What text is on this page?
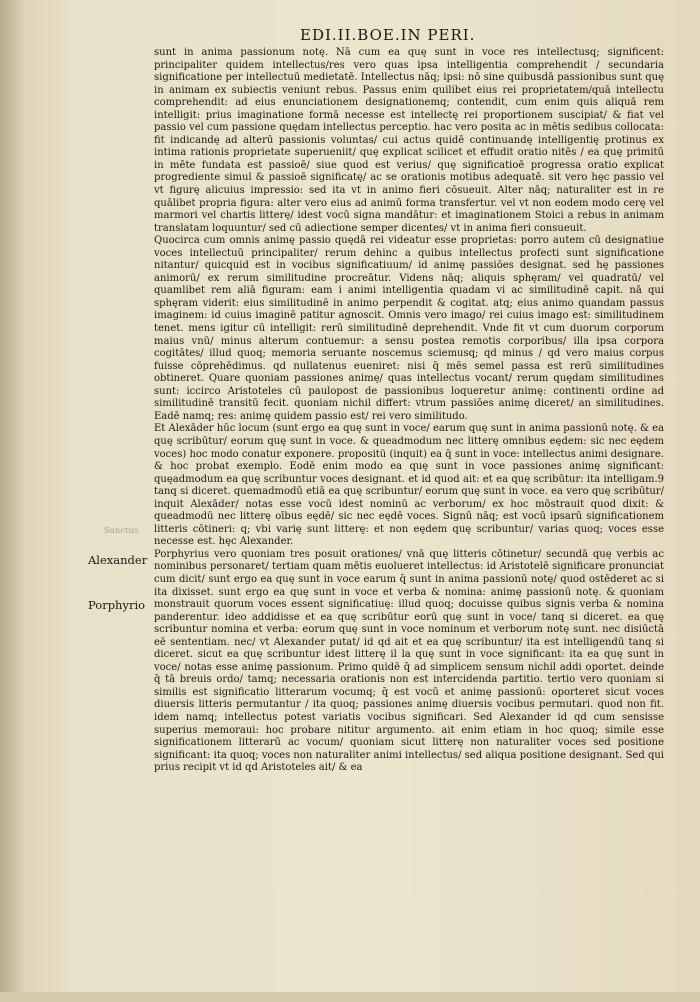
EDI.II.BOE.IN PERI.
Sanctus
Alexander
Porphyrio

sunt in anima passionum notę. Nā cum ea quę sunt in voce res intellectusq; significent: principaliter quidem intellectus/res vero quas ipsa intelligentia comprehendit / secundaria significatione per intellectuū medietatē. Intellectus nāq; ipsi: nō sine quibusdā passionibus sunt quę in animam ex subiectis veniunt rebus. Passus enim quilibet eius rei proprietatem/quā intellectu comprehendit: ad eius enunciationem designationemq; contendit, cum enim quis aliquā rem intelligit: prius imaginatione formā necesse est intellectę rei proportionem suscipiat/ & fiat vel passio vel cum passione quędam intellectus perceptio. hac vero posita ac in mētis sedibus collocata: fit indicandę ad alterū passionis voluntas/ cui actus quidē continuandę intelligentię protinus ex intima rationis proprietate superueniit/ quę explicat scilicet et effudit oratio nitēs / ea quę primitū in mēte fundata est passioē/ siue quod est verius/ quę significatioē progressa oratio explicat progrediente simul & passioē significatę/ ac se orationis motibus adequatē. sit vero hęc passio vel vt figurę alicuius impressio: sed ita vt in animo fieri cōsueuit. Alter nāq; naturaliter est in re quālibet propria figura: alter vero eius ad animū forma transfertur. vel vt non eodem modo cerę vel marmori vel chartis litterę/ idest vocū signa mandātur: et imaginationem Stoici a rebus in animam translatam loquuntur/ sed cū adiectione semper dicentes/ vt in anima fieri consueuit.

Quocirca cum omnis animę passio quędā rei videatur esse proprietas: porro autem cū designatiue voces intellectuū principaliter/ rerum dehinc a quibus intellectus profecti sunt significatione nitantur/ quicquid est in vocibus significatiuum/ id animę passiōes designat. sed hę passiones animorū/ ex rerum similitudine procreātur. Videns nāq; aliquis sphęram/ vel quadratū/ vel quamlibet rem aliā figuram: eam i animi intelligentia quadam vi ac similitudinē capit. nā qui sphęram viderit: eius similitudinē in animo perpendit & cogitat. atq; eius animo quandam passus imaginem: id cuius imaginē patitur agnoscit. Omnis vero imago/ rei cuius imago est: similitudinem tenet. mens igitur cū intelligit: rerū similitudinē deprehendit. Vnde fit vt cum duorum corporum maius vnū/ minus alterum contuemur: a sensu postea remotis corporibus/ illa ipsa corpora cogitātes/ illud quoq; memoria seruante noscemus sciemusq; qd minus / qd vero maius corpus fuisse cōprehēdimus. qd nullatenus eueniret: nisi q̄ mēs semel passa est rerū similitudines obtineret. Quare quoniam passiones animę/ quas intellectus vocant/ rerum quędam similitudines sunt: iccirco Aristoteles cū paulopost de passionibus loqueretur animę: continenti ordine ad similitudinē transitū fecit. quoniam nichil differt: vtrum passiōes animę diceret/ an similitudines. Eadē namq; res: animę quidem passio est/ rei vero similitudo.

Et Alexāder hūc locum (sunt ergo ea quę sunt in voce/ earum quę sunt in anima passionū notę. & ea quę scribūtur/ eorum quę sunt in voce. & queadmodum nec litterę omnibus eędem: sic nec eędem voces) hoc modo conatur exponere. propositū (inquit) ea q̄ sunt in voce: intellectus animi designare. & hoc probat exemplo. Eodē enim modo ea quę sunt in voce passiones animę significant: quęadmodum ea quę scribuntur voces designant. et id quod ait: et ea quę scribūtur: ita intelligam.9 tanq si diceret. quemadmodū etiā ea quę scribuntur/ eorum quę sunt in voce. ea vero quę scribūtur/ inquit Alexāder/ notas esse vocū idest nominū ac verborum/ ex hoc mōstrauit quod dixit: & queadmodū nec litterę oībus eędē/ sic nec eędē voces. Signū nāq; est vocū ipsarū significationem litteris cōtineri: q; vbi varię sunt litterę: et non eędem quę scribuntur/ varias quoq; voces esse necesse est. hęc Alexander.

Porphyrius vero quoniam tres posuit orationes/ vnā quę litteris cōtinetur/ secundā quę verbis ac nominibus personaret/ tertiam quam mētis euolueret intellectus: id Aristotelē significare pronunciat cum dicit/ sunt ergo ea quę sunt in voce earum q̄ sunt in anima passionū notę/ quod ostēderet ac si ita dixisset. sunt ergo ea quę sunt in voce et verba & nomina: animę passionū notę. & quoniam monstrauit quorum voces essent significatiuę: illud quoq; docuisse quibus signis verba & nomina panderentur. ideo addidisse et ea quę scribūtur eorū quę sunt in voce/ tanq si diceret. ea quę scribuntur nomina et verba: eorum quę sunt in voce nominum et verborum notę sunt. nec disiūctā eē sententiam. nec/ vt Alexander putat/ id qd ait et ea quę scribuntur/ ita est intelligendū tanq si diceret. sicut ea quę scribuntur idest litterę il la quę sunt in voce significant: ita ea quę sunt in voce/ notas esse animę passionum. Primo quidē q̄ ad simplicem sensum nichil addi oportet. deinde q̄ tā breuis ordo/ tamq; necessaria orationis non est intercidenda partitio. tertio vero quoniam si similis est significatio litterarum vocumq; q̄ est vocū et animę passionū: oporteret sicut voces diuersis litteris permutantur / ita quoq; passiones animę diuersis vocibus permutari. quod non fit. idem namq; intellectus potest variatis vocibus significari. Sed Alexander id qd cum sensisse superius memoraui: hoc probare nititur argumento. ait enim etiam in hoc quoq; simile esse significationem litterarū ac vocum/ quoniam sicut litterę non naturaliter voces sed positione significant: ita quoq; voces non naturaliter animi intellectus/ sed aliqua positione designant. Sed qui prius recipit vt id qd Aristoteles ait/ & ea
